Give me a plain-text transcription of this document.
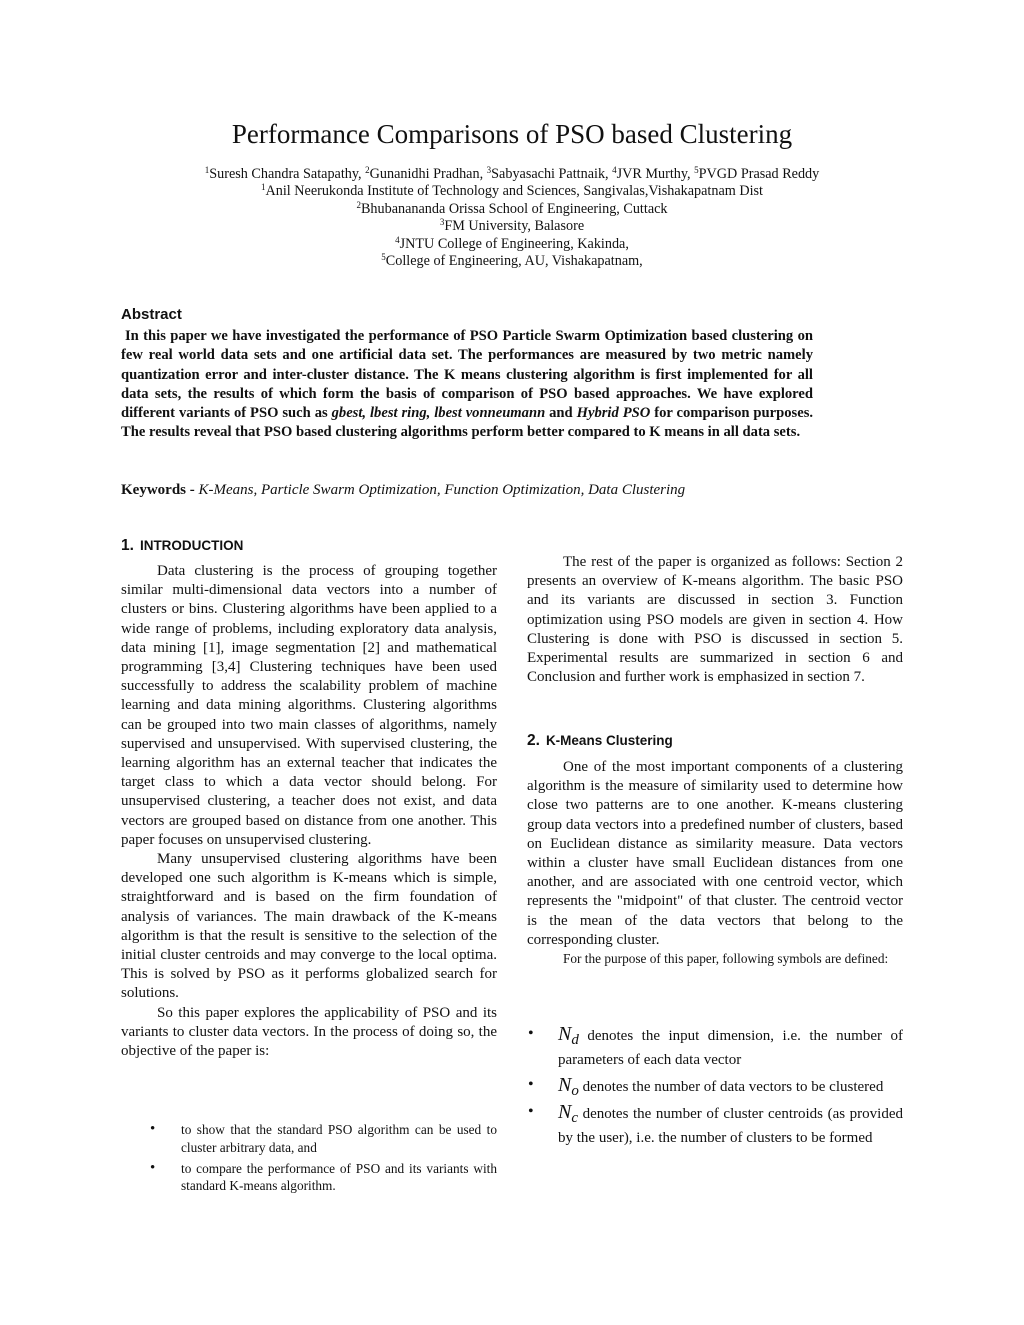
Performance Comparisons of PSO based Clustering
$^1$Suresh Chandra Satapathy, $^2$Gunanidhi Pradhan, $^3$Sabyasachi Pattnaik, $^4$JVR Murthy, $^5$PVGD Prasad Reddy
$^1$Anil Neerukonda Institute of Technology and Sciences, Sangivalas,Vishakapatnam Dist
$^2$Bhubanananda Orissa School of Engineering, Cuttack
$^3$FM University, Balasore
$^4$JNTU College of Engineering, Kakinda,
$^5$College of Engineering, AU, Vishakapatnam,
Abstract
In this paper we have investigated the performance of PSO Particle Swarm Optimization based clustering on few real world data sets and one artificial data set. The performances are measured by two metric namely quantization error and inter-cluster distance. The K means clustering algorithm is first implemented for all data sets, the results of which form the basis of comparison of PSO based approaches. We have explored different variants of PSO such as gbest, lbest ring, lbest vonneumann and Hybrid PSO for comparison purposes. The results reveal that PSO based clustering algorithms perform better compared to K means in all data sets.
Keywords - K-Means, Particle Swarm Optimization, Function Optimization, Data Clustering
1. INTRODUCTION

Data clustering is the process of grouping together similar multi-dimensional data vectors into a number of clusters or bins. Clustering algorithms have been applied to a wide range of problems, including exploratory data analysis, data mining [1], image segmentation [2] and mathematical programming [3,4] Clustering techniques have been used successfully to address the scalability problem of machine learning and data mining algorithms. Clustering algorithms can be grouped into two main classes of algorithms, namely supervised and unsupervised. With supervised clustering, the learning algorithm has an external teacher that indicates the target class to which a data vector should belong. For unsupervised clustering, a teacher does not exist, and data vectors are grouped based on distance from one another. This paper focuses on unsupervised clustering.

Many unsupervised clustering algorithms have been developed one such algorithm is K-means which is simple, straightforward and is based on the firm foundation of analysis of variances. The main drawback of the K-means algorithm is that the result is sensitive to the selection of the initial cluster centroids and may converge to the local optima. This is solved by PSO as it performs globalized search for solutions.

So this paper explores the applicability of PSO and its variants to cluster data vectors. In the process of doing so, the objective of the paper is:

• to show that the standard PSO algorithm can be used to cluster arbitrary data, and
• to compare the performance of PSO and its variants with standard K-means algorithm.

The rest of the paper is organized as follows: Section 2 presents an overview of K-means algorithm. The basic PSO and its variants are discussed in section 3. Function optimization using PSO models are given in section 4. How Clustering is done with PSO is discussed in section 5. Experimental results are summarized in section 6 and Conclusion and further work is emphasized in section 7.

2. K-Means Clustering

One of the most important components of a clustering algorithm is the measure of similarity used to determine how close two patterns are to one another. K-means clustering group data vectors into a predefined number of clusters, based on Euclidean distance as similarity measure. Data vectors within a cluster have small Euclidean distances from one another, and are associated with one centroid vector, which represents the "midpoint" of that cluster. The centroid vector is the mean of the data vectors that belong to the corresponding cluster.

For the purpose of this paper, following symbols are defined:

• $N_d$ denotes the input dimension, i.e. the number of parameters of each data vector
• $N_o$ denotes the number of data vectors to be clustered
• $N_c$ denotes the number of cluster centroids (as provided by the user), i.e. the number of clusters to be formed
